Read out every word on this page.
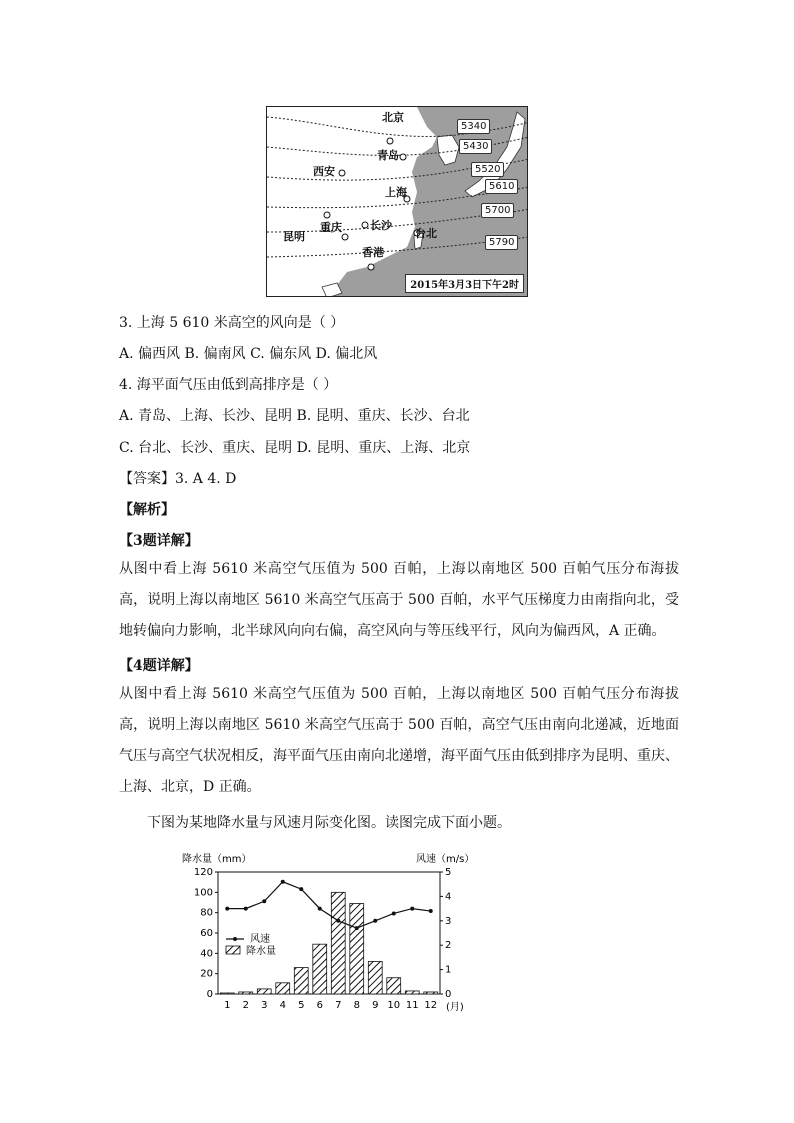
北京
青岛
西安
上海
昆明
重庆	长沙
台北
香港
5340
5430
5520
5610
5700
5790
2015年3月3日下午2时
3. 上海 5 610 米高空的风向是（ ）
A. 偏西风 B. 偏南风 C. 偏东风 D. 偏北风
4. 海平面气压由低到高排序是（ ）
A. 青岛、上海、长沙、昆明 B. 昆明、重庆、长沙、台北
C. 台北、长沙、重庆、昆明 D. 昆明、重庆、上海、北京
【答案】3. A 4. D
【解析】
【3题详解】
从图中看上海 5610 米高空气压值为 500 百帕，上海以南地区 500 百帕气压分布海拔高，说明上海以南地区 5610 米高空气压高于 500 百帕，水平气压梯度力由南指向北，受地转偏向力影响，北半球风向向右偏，高空风向与等压线平行，风向为偏西风，A 正确。
【4题详解】
从图中看上海 5610 米高空气压值为 500 百帕，上海以南地区 500 百帕气压分布海拔高，说明上海以南地区 5610 米高空气压高于 500 百帕，高空气压由南向北递减，近地面气压与高空气状况相反，海平面气压由南向北递增，海平面气压由低到排序为昆明、重庆、上海、北京，D 正确。
下图为某地降水量与风速月际变化图。读图完成下面小题。
降水量（mm）	风速（m/s）
0
20
40
60
80
100
120
0
1
2
3
4
5
1 2 3 4 5 6 7 8 9 10 11 12 (月)
风速
降水量
